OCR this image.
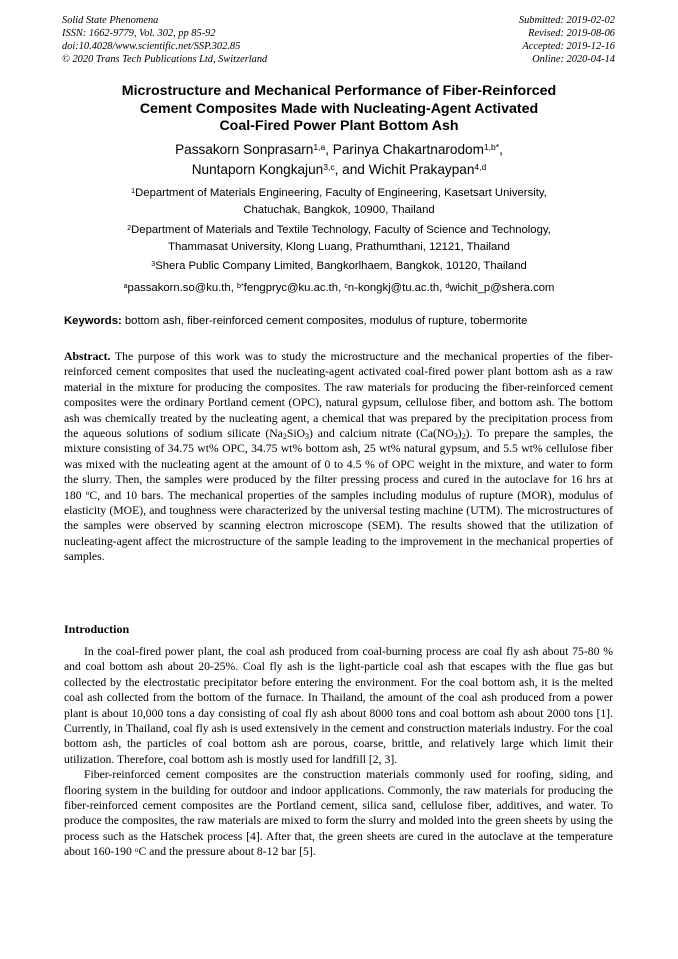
Solid State Phenomena
ISSN: 1662-9779, Vol. 302, pp 85-92
doi:10.4028/www.scientific.net/SSP.302.85
© 2020 Trans Tech Publications Ltd, Switzerland
Submitted: 2019-02-02
Revised: 2019-08-06
Accepted: 2019-12-16
Online: 2020-04-14
Microstructure and Mechanical Performance of Fiber-Reinforced
Cement Composites Made with Nucleating-Agent Activated
Coal-Fired Power Plant Bottom Ash
Passakorn Sonprasarn$^{1,a}$, Parinya Chakartnarodom$^{1,b*}$,
Nuntaporn Kongkajun$^{3,c}$, and Wichit Prakaypan$^{4,d}$
$^1$Department of Materials Engineering, Faculty of Engineering, Kasetsart University,
Chatuchak, Bangkok, 10900, Thailand
$^2$Department of Materials and Textile Technology, Faculty of Science and Technology,
Thammasat University, Klong Luang, Prathumthani, 12121, Thailand
$^3$Shera Public Company Limited, Bangkorlhaem, Bangkok, 10120, Thailand
$^a$passakorn.so@ku.th, $^{b*}$fengpryc@ku.ac.th, $^c$n-kongkj@tu.ac.th, $^d$wichit_p@shera.com
Keywords: bottom ash, fiber-reinforced cement composites, modulus of rupture, tobermorite

Abstract. The purpose of this work was to study the microstructure and the mechanical properties of the fiber-reinforced cement composites that used the nucleating-agent activated coal-fired power plant bottom ash as a raw material in the mixture for producing the composites. The raw materials for producing the fiber-reinforced cement composites were the ordinary Portland cement (OPC), natural gypsum, cellulose fiber, and bottom ash. The bottom ash was chemically treated by the nucleating agent, a chemical that was prepared by the precipitation process from the aqueous solutions of sodium silicate $(Na_2SiO_3)$ and calcium nitrate $(Ca(NO_3)_2)$. To prepare the samples, the mixture consisting of 34.75 wt% OPC, 34.75 wt% bottom ash, 25 wt% natural gypsum, and 5.5 wt% cellulose fiber was mixed with the nucleating agent at the amount of 0 to 4.5 % of OPC weight in the mixture, and water to form the slurry. Then, the samples were produced by the filter pressing process and cured in the autoclave for 16 hrs at 180 $^o$C, and 10 bars. The mechanical properties of the samples including modulus of rupture (MOR), modulus of elasticity (MOE), and toughness were characterized by the universal testing machine (UTM). The microstructures of the samples were observed by scanning electron microscope (SEM). The results showed that the utilization of nucleating-agent affect the microstructure of the sample leading to the improvement in the mechanical properties of samples.

Introduction

In the coal-fired power plant, the coal ash produced from coal-burning process are coal fly ash about 75-80 % and coal bottom ash about 20-25%. Coal fly ash is the light-particle coal ash that escapes with the flue gas but collected by the electrostatic precipitator before entering the environment. For the coal bottom ash, it is the melted coal ash collected from the bottom of the furnace. In Thailand, the amount of the coal ash produced from a power plant is about 10,000 tons a day consisting of coal fly ash about 8000 tons and coal bottom ash about 2000 tons [1]. Currently, in Thailand, coal fly ash is used extensively in the cement and construction materials industry. For the coal bottom ash, the particles of coal bottom ash are porous, coarse, brittle, and relatively large which limit their utilization. Therefore, coal bottom ash is mostly used for landfill [2, 3].

Fiber-reinforced cement composites are the construction materials commonly used for roofing, siding, and flooring system in the building for outdoor and indoor applications. Commonly, the raw materials for producing the fiber-reinforced cement composites are the Portland cement, silica sand, cellulose fiber, additives, and water. To produce the composites, the raw materials are mixed to form the slurry and molded into the green sheets by using the process such as the Hatschek process [4]. After that, the green sheets are cured in the autoclave at the temperature about 160-190 $^o$C and the pressure about 8-12 bar [5].
